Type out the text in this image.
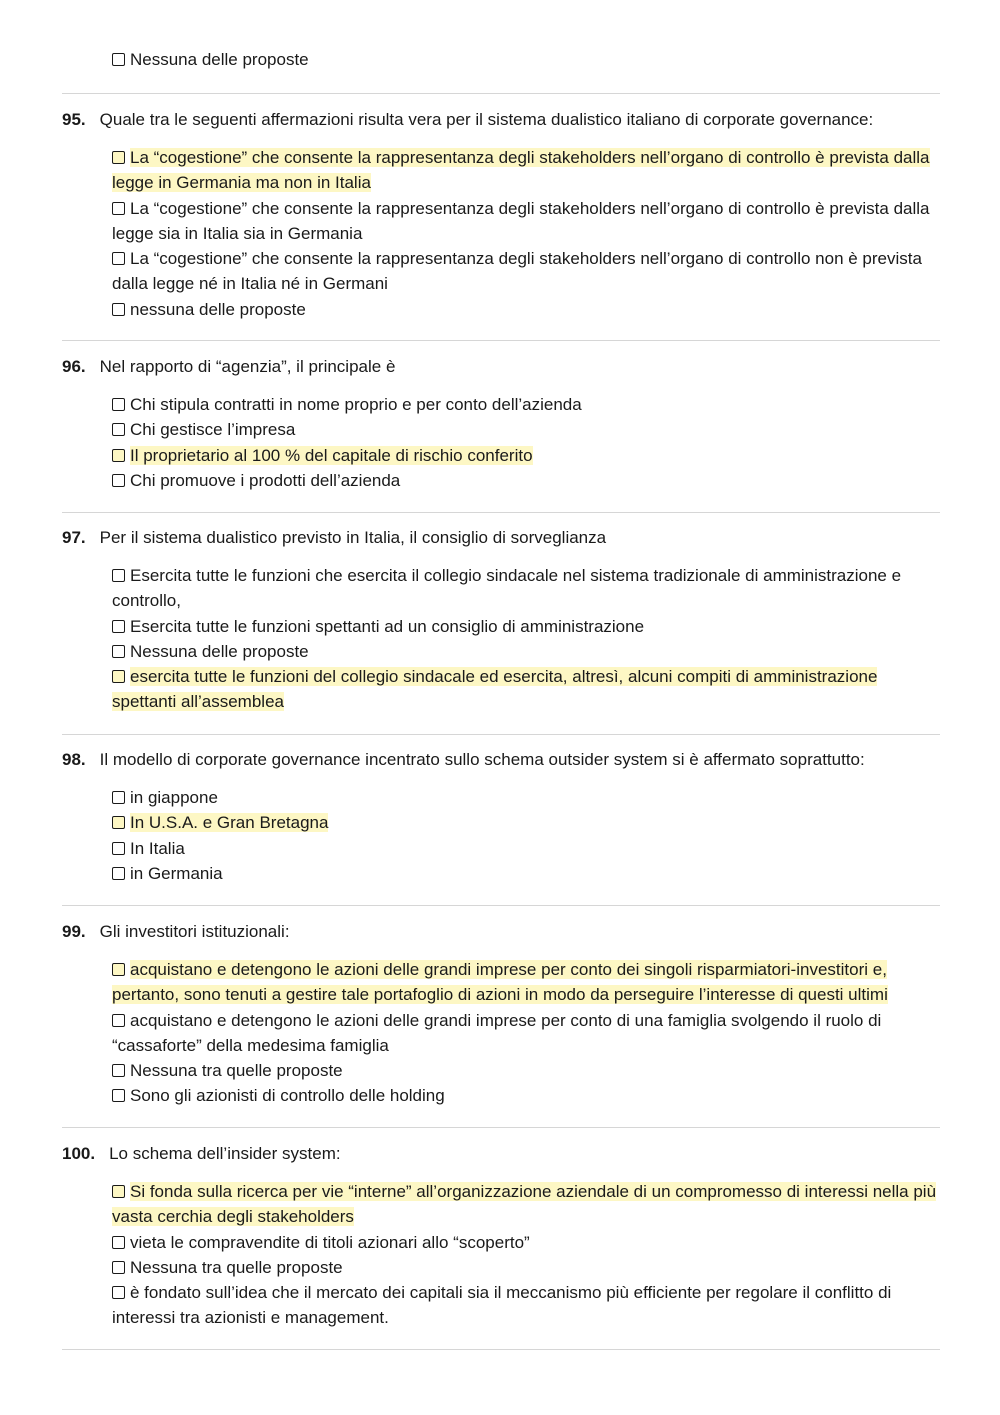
Nessuna delle proposte
95. Quale tra le seguenti affermazioni risulta vera per il sistema dualistico italiano di corporate governance:
La “cogestione” che consente la rappresentanza degli stakeholders nell’organo di controllo è prevista dalla legge in Germania ma non in Italia
La “cogestione” che consente la rappresentanza degli stakeholders nell’organo di controllo è prevista dalla legge sia in Italia sia in Germania
La “cogestione” che consente la rappresentanza degli stakeholders nell’organo di controllo non è prevista dalla legge né in Italia né in Germani
nessuna delle proposte
96. Nel rapporto di “agenzia”, il principale è
Chi stipula contratti in nome proprio e per conto dell’azienda
Chi gestisce l’impresa
Il proprietario al 100 % del capitale di rischio conferito
Chi promuove i prodotti dell’azienda
97. Per il sistema dualistico previsto in Italia, il consiglio di sorveglianza
Esercita tutte le funzioni che esercita il collegio sindacale nel sistema tradizionale di amministrazione e controllo,
Esercita tutte le funzioni spettanti ad un consiglio di amministrazione
Nessuna delle proposte
esercita tutte le funzioni del collegio sindacale ed esercita, altresì, alcuni compiti di amministrazione spettanti all’assemblea
98. Il modello di corporate governance incentrato sullo schema outsider system si è affermato soprattutto:
in giappone
In U.S.A. e Gran Bretagna
In Italia
in Germania
99. Gli investitori istituzionali:
acquistano e detengono le azioni delle grandi imprese per conto dei singoli risparmiatori-investitori e, pertanto, sono tenuti a gestire tale portafoglio di azioni in modo da perseguire l’interesse di questi ultimi
acquistano e detengono le azioni delle grandi imprese per conto di una famiglia svolgendo il ruolo di “cassaforte” della medesima famiglia
Nessuna tra quelle proposte
Sono gli azionisti di controllo delle holding
100. Lo schema dell’insider system:
Si fonda sulla ricerca per vie “interne” all’organizzazione aziendale di un compromesso di interessi nella più vasta cerchia degli stakeholders
vieta le compravendite di titoli azionari allo “scoperto”
Nessuna tra quelle proposte
è fondato sull’idea che il mercato dei capitali sia il meccanismo più efficiente per regolare il conflitto di interessi tra azionisti e management.
